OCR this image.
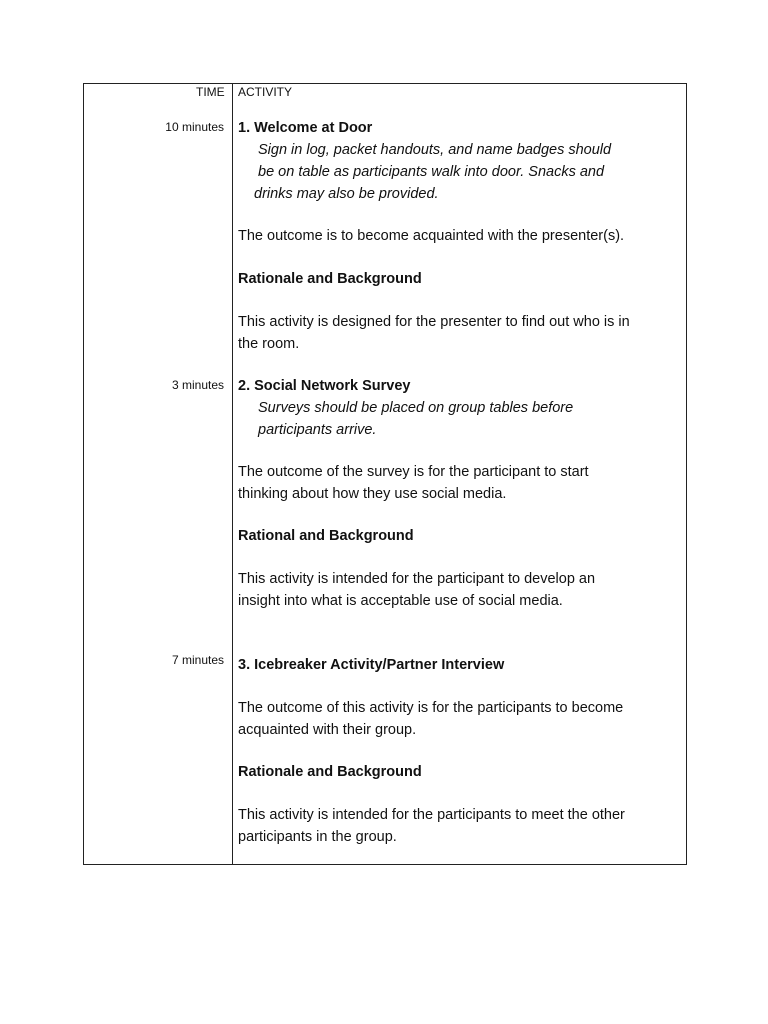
TIME ACTIVITY
10 minutes 1. Welcome at Door
Sign in log, packet handouts, and name badges should
be on table as participants walk into door. Snacks and
drinks may also be provided.
The outcome is to become acquainted with the presenter(s).
Rationale and Background
This activity is designed for the presenter to find out who is in
the room.
3 minutes 2. Social Network Survey
Surveys should be placed on group tables before
participants arrive.
The outcome of the survey is for the participant to start
thinking about how they use social media.
Rational and Background
This activity is intended for the participant to develop an
insight into what is acceptable use of social media.
7 minutes 3. Icebreaker Activity/Partner Interview
The outcome of this activity is for the participants to become
acquainted with their group.
Rationale and Background
This activity is intended for the participants to meet the other
participants in the group.
